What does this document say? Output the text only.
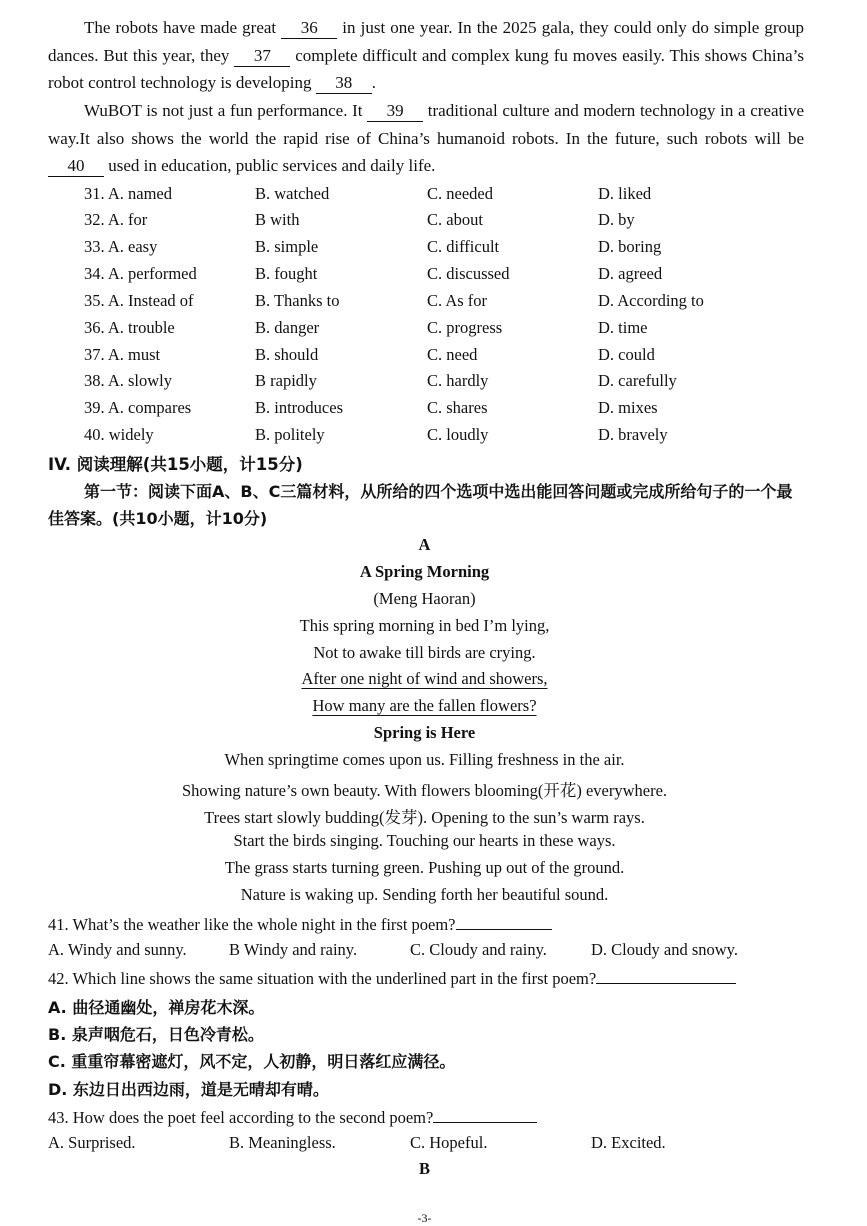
The robots have made great 36 in just one year. In the 2025 gala, they could only do simple group dances. But this year, they 37 complete difficult and complex kung fu moves easily. This shows China’s robot control technology is developing 38 .
WuBOT is not just a fun performance. It 39 traditional culture and modern technology in a creative way.It also shows the world the rapid rise of China’s humanoid robots. In the future, such robots will be 40 used in education, public services and daily life.
31. A. named	B. watched	C. needed	D. liked
32. A. for	B with	C. about	D. by
33. A. easy	B. simple	C. difficult	D. boring
34. A. performed	B. fought	C. discussed	D. agreed
35. A. Instead of	B. Thanks to	C. As for	D. According to
36. A. trouble	B. danger	C. progress	D. time
37. A. must	B. should	C. need	D. could
38. A. slowly	B rapidly	C. hardly	D. carefully
39. A. compares	B. introduces	C. shares	D. mixes
40. widely	B. politely	C. loudly	D. bravely
IV. 阅读理解(共15小题，计15分)
第一节：阅读下面A、B、C三篇材料，从所给的四个选项中选出能回答问题或完成所给句子的一个最佳答案。(共10小题，计10分)
A
A Spring Morning
(Meng Haoran)
This spring morning in bed I’m lying,
Not to awake till birds are crying.
After one night of wind and showers,
How many are the fallen flowers?
Spring is Here
When springtime comes upon us. Filling freshness in the air.
Showing nature’s own beauty. With flowers blooming(开花) everywhere.
Trees start slowly budding(发芽). Opening to the sun’s warm rays.
Start the birds singing. Touching our hearts in these ways.
The grass starts turning green. Pushing up out of the ground.
Nature is waking up. Sending forth her beautiful sound.
41. What’s the weather like the whole night in the first poem?
A. Windy and sunny.	B Windy and rainy.	C. Cloudy and rainy.	D. Cloudy and snowy.
42. Which line shows the same situation with the underlined part in the first poem?
A. 曲径通幽处，禅房花木深。
B. 泉声咽危石，日色冷青松。
C. 重重帘幕密遮灯，风不定，人初静，明日落红应满径。
D. 东边日出西边雨，道是无晴却有晴。
43. How does the poet feel according to the second poem?
A. Surprised.	B. Meaningless.	C. Hopeful.	D. Excited.
B
-3-
